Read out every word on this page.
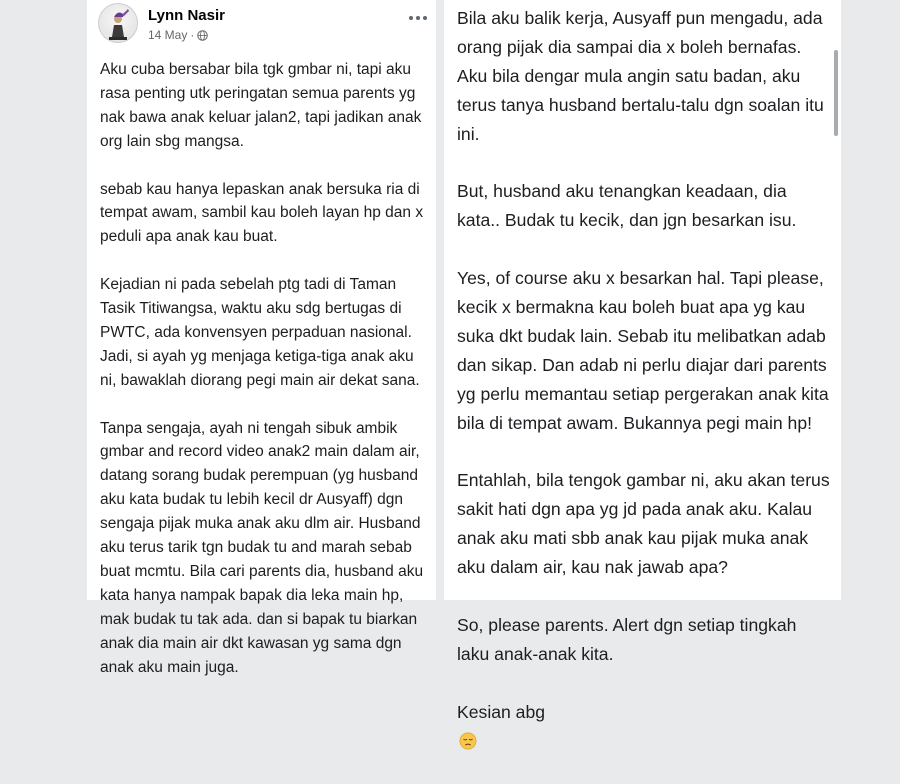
Lynn Nasir
14 May ·

Aku cuba bersabar bila tgk gmbar ni, tapi aku
rasa penting utk peringatan semua parents yg
nak bawa anak keluar jalan2, tapi jadikan anak
org lain sbg mangsa.

sebab kau hanya lepaskan anak bersuka ria di
tempat awam, sambil kau boleh layan hp dan x
peduli apa anak kau buat.

Kejadian ni pada sebelah ptg tadi di Taman
Tasik Titiwangsa, waktu aku sdg bertugas di
PWTC, ada konvensyen perpaduan nasional.
Jadi, si ayah yg menjaga ketiga-tiga anak aku
ni, bawaklah diorang pegi main air dekat sana.

Tanpa sengaja, ayah ni tengah sibuk ambik
gmbar and record video anak2 main dalam air,
datang sorang budak perempuan (yg husband
aku kata budak tu lebih kecil dr Ausyaff) dgn
sengaja pijak muka anak aku dlm air. Husband
aku terus tarik tgn budak tu and marah sebab
buat mcmtu. Bila cari parents dia, husband aku
kata hanya nampak bapak dia leka main hp,
mak budak tu tak ada. dan si bapak tu biarkan
anak dia main air dkt kawasan yg sama dgn
anak aku main juga.

Bila aku balik kerja, Ausyaff pun mengadu, ada
orang pijak dia sampai dia x boleh bernafas.
Aku bila dengar mula angin satu badan, aku
terus tanya husband bertalu-talu dgn soalan itu
ini.

But, husband aku tenangkan keadaan, dia
kata.. Budak tu kecik, dan jgn besarkan isu.

Yes, of course aku x besarkan hal. Tapi please,
kecik x bermakna kau boleh buat apa yg kau
suka dkt budak lain. Sebab itu melibatkan adab
dan sikap. Dan adab ni perlu diajar dari parents
yg perlu memantau setiap pergerakan anak kita
bila di tempat awam. Bukannya pegi main hp!

Entahlah, bila tengok gambar ni, aku akan terus
sakit hati dgn apa yg jd pada anak aku. Kalau
anak aku mati sbb anak kau pijak muka anak
aku dalam air, kau nak jawab apa?

So, please parents. Alert dgn setiap tingkah
laku anak-anak kita.

Kesian abg
